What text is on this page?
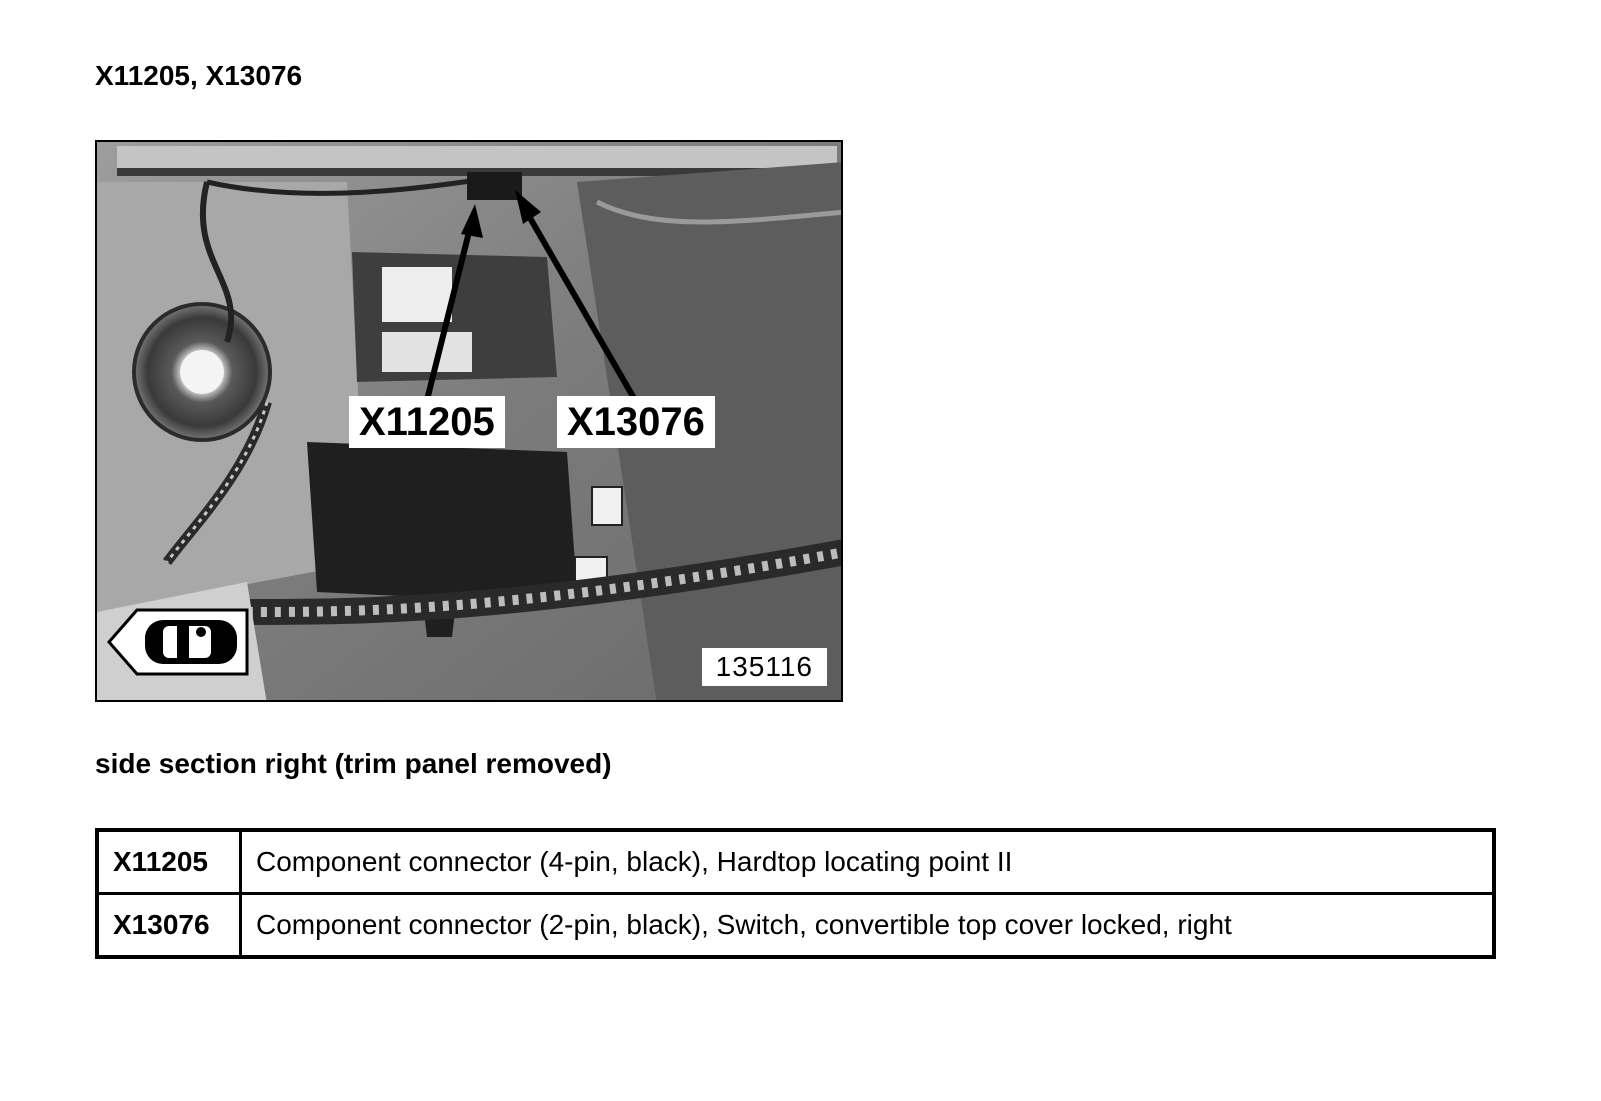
X11205, X13076
X11205 X13076
135116

side section right (trim panel removed)

X11205	Component connector (4-pin, black), Hardtop locating point II
X13076	Component connector (2-pin, black), Switch, convertible top cover locked, right
